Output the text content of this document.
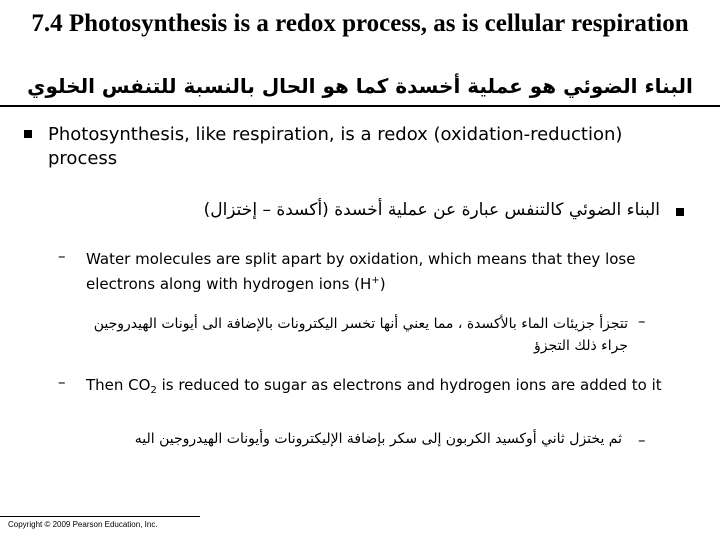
7.4 Photosynthesis is a redox process, as is cellular respiration
البناء الضوئي هو عملية أخسدة كما هو الحال بالنسبة للتنفس الخلوي
Photosynthesis, like respiration, is a redox (oxidation-reduction) process
البناء الضوئي كالتنفس عبارة عن عملية أخسدة (أكسدة – إختزال)
– Water molecules are split apart by oxidation, which means that they lose electrons along with hydrogen ions (H+)
–
تتجزأ جزيئات الماء بالأكسدة ، مما يعني أنها تخسر اليكترونات بالإضافة الى أيونات الهيدروجين جراء ذلك التجزؤ
– Then $CO_2$ is reduced to sugar as electrons and hydrogen ions are added to it
–
ثم يختزل ثاني أوكسيد الكربون إلى سكر بإضافة الإليكترونات وأيونات الهيدروجين اليه
Copyright © 2009 Pearson Education, Inc.
